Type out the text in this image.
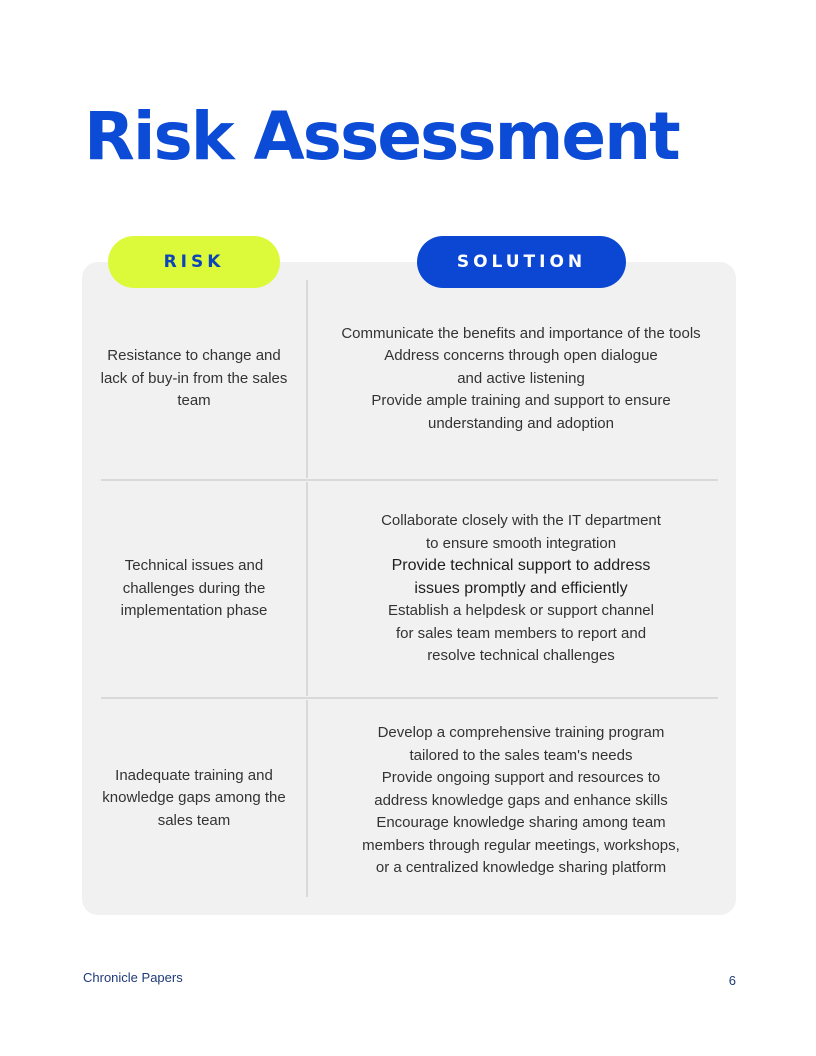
Risk Assessment
RISK	SOLUTION

Resistance to change and lack of buy-in from the sales team

Communicate the benefits and importance of the tools
Address concerns through open dialogue
and active listening
Provide ample training and support to ensure
understanding and adoption

Technical issues and challenges during the implementation phase

Collaborate closely with the IT department
to ensure smooth integration
Provide technical support to address
issues promptly and efficiently
Establish a helpdesk or support channel
for sales team members to report and
resolve technical challenges

Inadequate training and knowledge gaps among the sales team

Develop a comprehensive training program
tailored to the sales team's needs
Provide ongoing support and resources to
address knowledge gaps and enhance skills
Encourage knowledge sharing among team
members through regular meetings, workshops,
or a centralized knowledge sharing platform

Chronicle Papers	6
